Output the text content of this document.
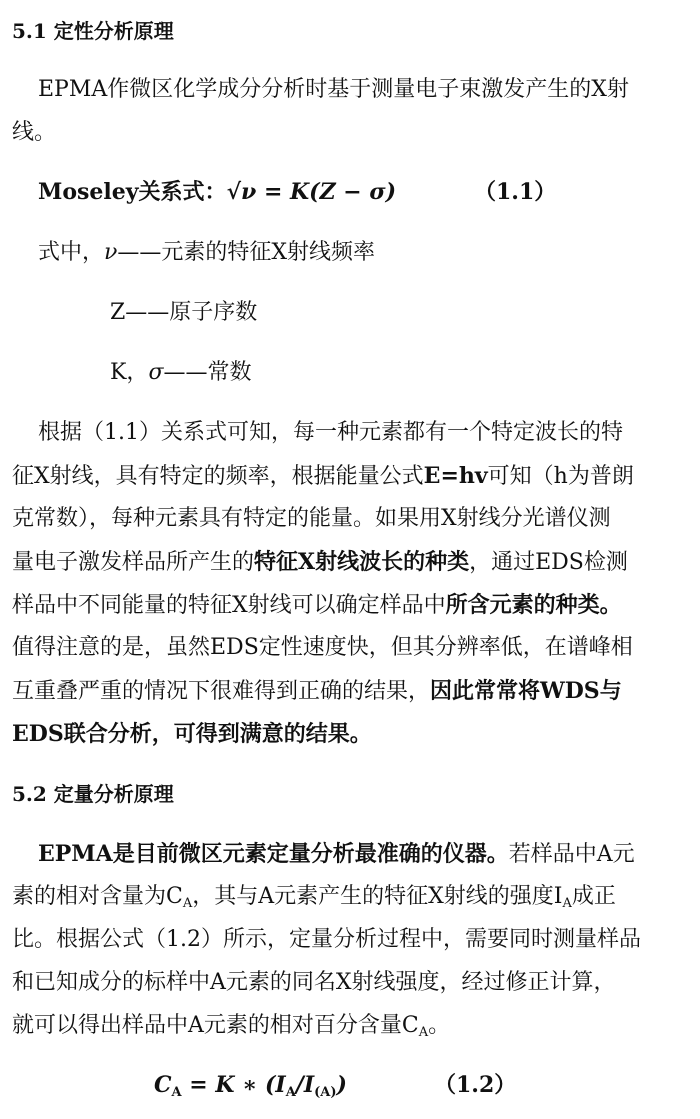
5.1 定性分析原理
EPMA作微区化学成分分析时基于测量电子束激发产生的X射
线。
Moseley关系式：√ν = K(Z − σ)	（1.1）
式中，ν——元素的特征X射线频率
Z——原子序数
K，σ——常数
根据（1.1）关系式可知，每一种元素都有一个特定波长的特
征X射线，具有特定的频率，根据能量公式E=hv可知（h为普朗
克常数），每种元素具有特定的能量。如果用X射线分光谱仪测
量电子激发样品所产生的特征X射线波长的种类，通过EDS检测
样品中不同能量的特征X射线可以确定样品中所含元素的种类。
值得注意的是，虽然EDS定性速度快，但其分辨率低，在谱峰相
互重叠严重的情况下很难得到正确的结果，因此常常将WDS与
EDS联合分析，可得到满意的结果。
5.2 定量分析原理
EPMA是目前微区元素定量分析最准确的仪器。若样品中A元
素的相对含量为$C_A$，其与A元素产生的特征X射线的强度$I_A$成正
比。根据公式（1.2）所示，定量分析过程中，需要同时测量样品
和已知成分的标样中A元素的同名X射线强度，经过修正计算，
就可以得出样品中A元素的相对百分含量$C_A$。
$C_A = K$ ∗ $(I_A/I_{(A)})$	（1.2）
